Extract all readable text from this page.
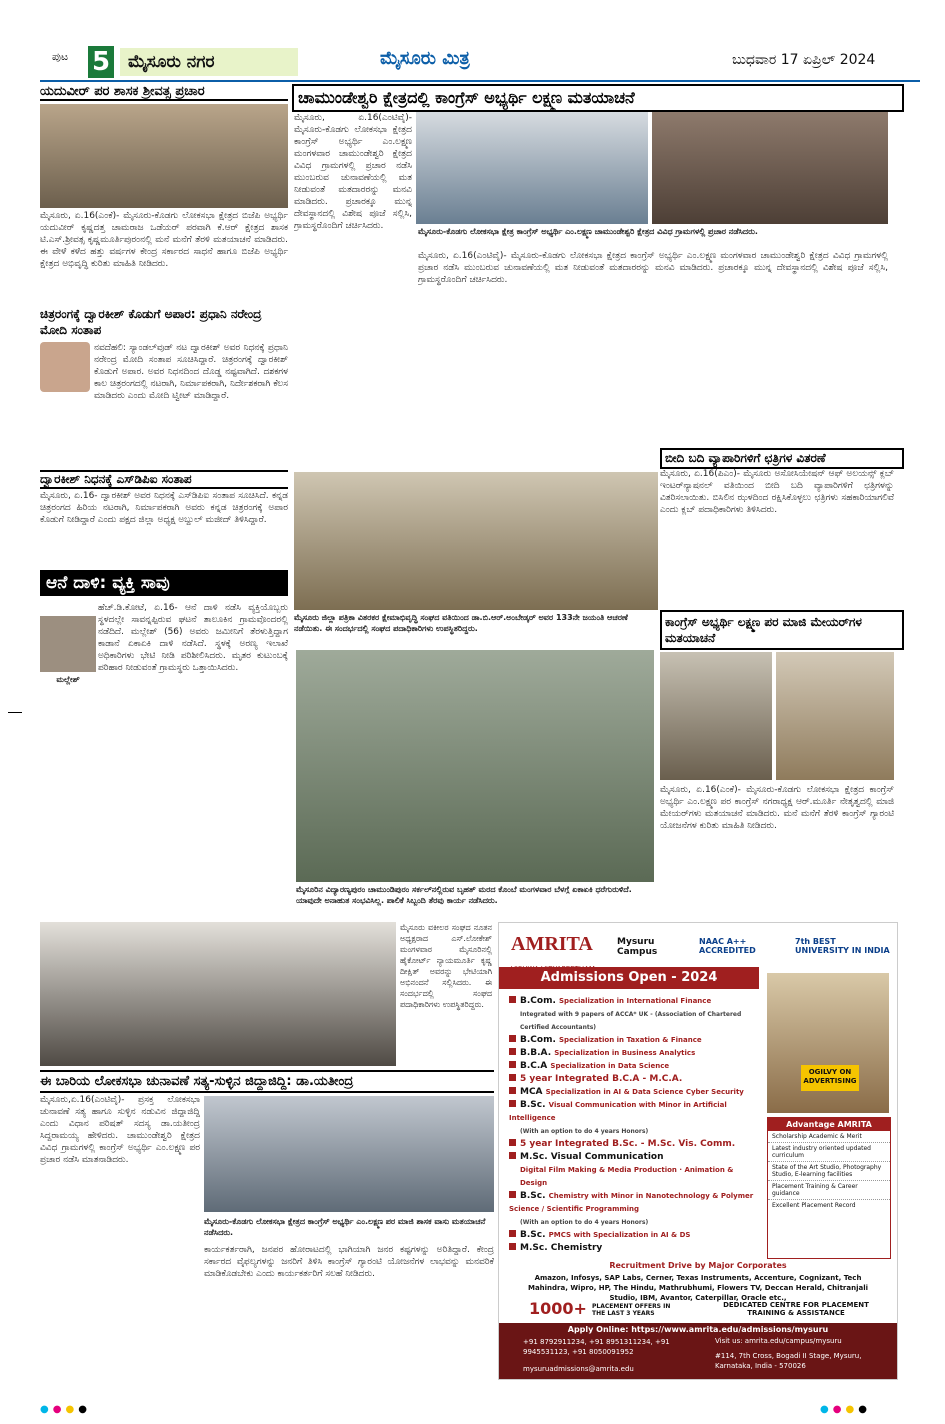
ಪುಟ 5	ಮೈಸೂರು ನಗರ	ಮೈಸೂರು ಮಿತ್ರ	ಬುಧವಾರ 17 ಏಪ್ರಿಲ್ 2024
ಯದುವೀರ್ ಪರ ಶಾಸಕ ಶ್ರೀವತ್ಸ ಪ್ರಚಾರ
ಮೈಸೂರು, ಏ.16(ಎಂಕೆ)- ಮೈಸೂರು-ಕೊಡಗು ಲೋಕಸಭಾ ಕ್ಷೇತ್ರದ ಬಿಜೆಪಿ ಅಭ್ಯರ್ಥಿ ಯದುವೀರ್ ಕೃಷ್ಣದತ್ತ ಚಾಮರಾಜ ಒಡೆಯರ್ ಪರವಾಗಿ ಕೆ.ಆರ್ ಕ್ಷೇತ್ರದ ಶಾಸಕ ಟಿ.ಎಸ್.ಶ್ರೀವತ್ಸ ಕೃಷ್ಣಮೂರ್ತಿಪುರಂನಲ್ಲಿ ಮನೆ ಮನೆಗೆ ತೆರಳಿ ಮತಯಾಚನೆ ಮಾಡಿದರು. ಈ ವೇಳೆ ಕಳೆದ ಹತ್ತು ವರ್ಷಗಳ ಕೇಂದ್ರ ಸರ್ಕಾರದ ಸಾಧನೆ ಹಾಗೂ ಬಿಜೆಪಿ ಅಭ್ಯರ್ಥಿ ಕ್ಷೇತ್ರದ ಅಭಿವೃದ್ಧಿ ಕುರಿತು ಮಾಹಿತಿ ನೀಡಿದರು.
ಚಾಮುಂಡೇಶ್ವರಿ ಕ್ಷೇತ್ರದಲ್ಲಿ ಕಾಂಗ್ರೆಸ್ ಅಭ್ಯರ್ಥಿ ಲಕ್ಷ್ಮಣ ಮತಯಾಚನೆ
ಮೈಸೂರು, ಏ.16(ಎಂಟಿವೈ)- ಮೈಸೂರು-ಕೊಡಗು ಲೋಕಸಭಾ ಕ್ಷೇತ್ರದ ಕಾಂಗ್ರೆಸ್ ಅಭ್ಯರ್ಥಿ ಎಂ.ಲಕ್ಷ್ಮಣ ಮಂಗಳವಾರ ಚಾಮುಂಡೇಶ್ವರಿ ಕ್ಷೇತ್ರದ ವಿವಿಧ ಗ್ರಾಮಗಳಲ್ಲಿ ಪ್ರಚಾರ ನಡೆಸಿ ಮುಂಬರುವ ಚುನಾವಣೆಯಲ್ಲಿ ಮತ ನೀಡುವಂತೆ ಮತದಾರರನ್ನು ಮನವಿ ಮಾಡಿದರು. ಪ್ರಚಾರಕ್ಕೂ ಮುನ್ನ ದೇವಸ್ಥಾನದಲ್ಲಿ ವಿಶೇಷ ಪೂಜೆ ಸಲ್ಲಿಸಿ, ಗ್ರಾಮಸ್ಥರೊಂದಿಗೆ ಚರ್ಚಿಸಿದರು.
ಮೈಸೂರು-ಕೊಡಗು ಲೋಕಸಭಾ ಕ್ಷೇತ್ರ ಕಾಂಗ್ರೆಸ್ ಅಭ್ಯರ್ಥಿ ಎಂ.ಲಕ್ಷ್ಮಣ ಚಾಮುಂಡೇಶ್ವರಿ ಕ್ಷೇತ್ರದ ವಿವಿಧ ಗ್ರಾಮಗಳಲ್ಲಿ ಪ್ರಚಾರ ನಡೆಸಿದರು.
ಮೈಸೂರು, ಏ.16(ಎಂಟಿವೈ)- ಮೈಸೂರು-ಕೊಡಗು ಲೋಕಸಭಾ ಕ್ಷೇತ್ರದ ಕಾಂಗ್ರೆಸ್ ಅಭ್ಯರ್ಥಿ ಎಂ.ಲಕ್ಷ್ಮಣ ಮಂಗಳವಾರ ಚಾಮುಂಡೇಶ್ವರಿ ಕ್ಷೇತ್ರದ ವಿವಿಧ ಗ್ರಾಮಗಳಲ್ಲಿ ಪ್ರಚಾರ ನಡೆಸಿ ಮುಂಬರುವ ಚುನಾವಣೆಯಲ್ಲಿ ಮತ ನೀಡುವಂತೆ ಮತದಾರರನ್ನು ಮನವಿ ಮಾಡಿದರು. ಪ್ರಚಾರಕ್ಕೂ ಮುನ್ನ ದೇವಸ್ಥಾನದಲ್ಲಿ ವಿಶೇಷ ಪೂಜೆ ಸಲ್ಲಿಸಿ, ಗ್ರಾಮಸ್ಥರೊಂದಿಗೆ ಚರ್ಚಿಸಿದರು.
ಚಿತ್ರರಂಗಕ್ಕೆ ದ್ವಾರಕೀಶ್ ಕೊಡುಗೆ ಅಪಾರ: ಪ್ರಧಾನಿ ನರೇಂದ್ರ ಮೋದಿ ಸಂತಾಪ
ನವದೆಹಲಿ: ಸ್ಯಾಂಡಲ್‌ವುಡ್ ನಟ ದ್ವಾರಕೀಶ್ ಅವರ ನಿಧನಕ್ಕೆ ಪ್ರಧಾನಿ ನರೇಂದ್ರ ಮೋದಿ ಸಂತಾಪ ಸೂಚಿಸಿದ್ದಾರೆ. ಚಿತ್ರರಂಗಕ್ಕೆ ದ್ವಾರಕೀಶ್ ಕೊಡುಗೆ ಅಪಾರ. ಅವರ ನಿಧನದಿಂದ ದೊಡ್ಡ ನಷ್ಟವಾಗಿದೆ. ದಶಕಗಳ ಕಾಲ ಚಿತ್ರರಂಗದಲ್ಲಿ ನಟರಾಗಿ, ನಿರ್ಮಾಪಕರಾಗಿ, ನಿರ್ದೇಶಕರಾಗಿ ಕೆಲಸ ಮಾಡಿದರು ಎಂದು ಮೋದಿ ಟ್ವೀಟ್ ಮಾಡಿದ್ದಾರೆ.
ದ್ವಾರಕೀಶ್ ನಿಧನಕ್ಕೆ ಎಸ್‌ಡಿಪಿಐ ಸಂತಾಪ
ಮೈಸೂರು, ಏ.16- ದ್ವಾರಕೀಶ್ ಅವರ ನಿಧನಕ್ಕೆ ಎಸ್‌ಡಿಪಿಐ ಸಂತಾಪ ಸೂಚಿಸಿದೆ. ಕನ್ನಡ ಚಿತ್ರರಂಗದ ಹಿರಿಯ ನಟರಾಗಿ, ನಿರ್ಮಾಪಕರಾಗಿ ಅವರು ಕನ್ನಡ ಚಿತ್ರರಂಗಕ್ಕೆ ಅಪಾರ ಕೊಡುಗೆ ನೀಡಿದ್ದಾರೆ ಎಂದು ಪಕ್ಷದ ಜಿಲ್ಲಾ ಅಧ್ಯಕ್ಷ ಅಬ್ದುಲ್ ಮಜೀದ್ ತಿಳಿಸಿದ್ದಾರೆ.
ಆನೆ ದಾಳಿ: ವ್ಯಕ್ತಿ ಸಾವು
ಮಲ್ಲೇಶ್
ಹೆಚ್.ಡಿ.ಕೋಟೆ, ಏ.16- ಆನೆ ದಾಳಿ ನಡೆಸಿ ವ್ಯಕ್ತಿಯೊಬ್ಬರು ಸ್ಥಳದಲ್ಲೇ ಸಾವನ್ನಪ್ಪಿರುವ ಘಟನೆ ತಾಲೂಕಿನ ಗ್ರಾಮವೊಂದರಲ್ಲಿ ನಡೆದಿದೆ. ಮಲ್ಲೇಶ್ (56) ಅವರು ಜಮೀನಿಗೆ ತೆರಳುತ್ತಿದ್ದಾಗ ಕಾಡಾನೆ ಏಕಾಏಕಿ ದಾಳಿ ನಡೆಸಿದೆ. ಸ್ಥಳಕ್ಕೆ ಅರಣ್ಯ ಇಲಾಖೆ ಅಧಿಕಾರಿಗಳು ಭೇಟಿ ನೀಡಿ ಪರಿಶೀಲಿಸಿದರು. ಮೃತರ ಕುಟುಂಬಕ್ಕೆ ಪರಿಹಾರ ನೀಡುವಂತೆ ಗ್ರಾಮಸ್ಥರು ಒತ್ತಾಯಿಸಿದರು.
ಮೈಸೂರು ಜಿಲ್ಲಾ ಪತ್ರಿಕಾ ವಿತರಕರ ಕ್ಷೇಮಾಭಿವೃದ್ಧಿ ಸಂಘದ ವತಿಯಿಂದ ಡಾ.ಬಿ.ಆರ್.ಅಂಬೇಡ್ಕರ್ ಅವರ 133ನೇ ಜಯಂತಿ ಆಚರಣೆ ನಡೆಯಿತು. ಈ ಸಂದರ್ಭದಲ್ಲಿ ಸಂಘದ ಪದಾಧಿಕಾರಿಗಳು ಉಪಸ್ಥಿತರಿದ್ದರು.
ಬೀದಿ ಬದಿ ವ್ಯಾಪಾರಿಗಳಿಗೆ ಛತ್ರಿಗಳ ವಿತರಣೆ
ಮೈಸೂರು, ಏ.16(ಪಿಎಂ)- ಮೈಸೂರು ಅಸೋಸಿಯೇಷನ್ ಆಫ್ ಅಲಯನ್ಸ್ ಕ್ಲಬ್ ಇಂಟರ್‌ನ್ಯಾಷನಲ್ ವತಿಯಿಂದ ಬೀದಿ ಬದಿ ವ್ಯಾಪಾರಿಗಳಿಗೆ ಛತ್ರಿಗಳನ್ನು ವಿತರಿಸಲಾಯಿತು. ಬಿಸಿಲಿನ ಝಳದಿಂದ ರಕ್ಷಿಸಿಕೊಳ್ಳಲು ಛತ್ರಿಗಳು ಸಹಕಾರಿಯಾಗಲಿವೆ ಎಂದು ಕ್ಲಬ್ ಪದಾಧಿಕಾರಿಗಳು ತಿಳಿಸಿದರು.
ಕಾಂಗ್ರೆಸ್ ಅಭ್ಯರ್ಥಿ ಲಕ್ಷ್ಮಣ ಪರ ಮಾಜಿ ಮೇಯರ್‌ಗಳ ಮತಯಾಚನೆ
ಮೈಸೂರು, ಏ.16(ಎಂಕೆ)- ಮೈಸೂರು-ಕೊಡಗು ಲೋಕಸಭಾ ಕ್ಷೇತ್ರದ ಕಾಂಗ್ರೆಸ್ ಅಭ್ಯರ್ಥಿ ಎಂ.ಲಕ್ಷ್ಮಣ ಪರ ಕಾಂಗ್ರೆಸ್ ನಗರಾಧ್ಯಕ್ಷ ಆರ್.ಮೂರ್ತಿ ನೇತೃತ್ವದಲ್ಲಿ ಮಾಜಿ ಮೇಯರ್‌ಗಳು ಮತಯಾಚನೆ ಮಾಡಿದರು. ಮನೆ ಮನೆಗೆ ತೆರಳಿ ಕಾಂಗ್ರೆಸ್ ಗ್ಯಾರಂಟಿ ಯೋಜನೆಗಳ ಕುರಿತು ಮಾಹಿತಿ ನೀಡಿದರು.
ಮೈಸೂರಿನ ವಿದ್ಯಾರಣ್ಯಪುರಂ ಚಾಮುಂಡಿಪುರಂ ಸರ್ಕಲ್‌ನಲ್ಲಿರುವ ಬೃಹತ್ ಮರದ ಕೊಂಬೆ ಮಂಗಳವಾರ ಬೆಳಗ್ಗೆ ಏಕಾಏಕಿ ಧರೆಗುರುಳಿದೆ. ಯಾವುದೇ ಅನಾಹುತ ಸಂಭವಿಸಿಲ್ಲ. ಪಾಲಿಕೆ ಸಿಬ್ಬಂದಿ ತೆರವು ಕಾರ್ಯ ನಡೆಸಿದರು.
ಮೈಸೂರು ವಕೀಲರ ಸಂಘದ ನೂತನ ಅಧ್ಯಕ್ಷರಾದ ಎಸ್.ಲೋಕೇಶ್ ಮಂಗಳವಾರ ಮೈಸೂರಿನಲ್ಲಿ ಹೈಕೋರ್ಟ್ ನ್ಯಾಯಮೂರ್ತಿ ಕೃಷ್ಣ ದೀಕ್ಷಿತ್ ಅವರನ್ನು ಭೇಟಿಯಾಗಿ ಅಭಿನಂದನೆ ಸಲ್ಲಿಸಿದರು. ಈ ಸಂದರ್ಭದಲ್ಲಿ ಸಂಘದ ಪದಾಧಿಕಾರಿಗಳು ಉಪಸ್ಥಿತರಿದ್ದರು.
ಈ ಬಾರಿಯ ಲೋಕಸಭಾ ಚುನಾವಣೆ ಸತ್ಯ-ಸುಳ್ಳಿನ ಜಿದ್ದಾಜಿದ್ದಿ: ಡಾ.ಯತೀಂದ್ರ
ಮೈಸೂರು,ಏ.16(ಎಂಟಿವೈ)- ಪ್ರಸಕ್ತ ಲೋಕಸಭಾ ಚುನಾವಣೆ ಸತ್ಯ ಹಾಗೂ ಸುಳ್ಳಿನ ನಡುವಿನ ಜಿದ್ದಾಜಿದ್ದಿ ಎಂದು ವಿಧಾನ ಪರಿಷತ್ ಸದಸ್ಯ ಡಾ.ಯತೀಂದ್ರ ಸಿದ್ದರಾಮಯ್ಯ ಹೇಳಿದರು. ಚಾಮುಂಡೇಶ್ವರಿ ಕ್ಷೇತ್ರದ ವಿವಿಧ ಗ್ರಾಮಗಳಲ್ಲಿ ಕಾಂಗ್ರೆಸ್ ಅಭ್ಯರ್ಥಿ ಎಂ.ಲಕ್ಷ್ಮಣ ಪರ ಪ್ರಚಾರ ನಡೆಸಿ ಮಾತನಾಡಿದರು.
ಮೈಸೂರು-ಕೊಡಗು ಲೋಕಸಭಾ ಕ್ಷೇತ್ರದ ಕಾಂಗ್ರೆಸ್ ಅಭ್ಯರ್ಥಿ ಎಂ.ಲಕ್ಷ್ಮಣ ಪರ ಮಾಜಿ ಶಾಸಕ ವಾಸು ಮತಯಾಚನೆ ನಡೆಸಿದರು.
ಕಾರ್ಯಕರ್ತರಾಗಿ, ಜನಪರ ಹೋರಾಟದಲ್ಲಿ ಭಾಗಿಯಾಗಿ ಜನರ ಕಷ್ಟಗಳನ್ನು ಅರಿತಿದ್ದಾರೆ. ಕೇಂದ್ರ ಸರ್ಕಾರದ ವೈಫಲ್ಯಗಳನ್ನು ಜನರಿಗೆ ತಿಳಿಸಿ ಕಾಂಗ್ರೆಸ್ ಗ್ಯಾರಂಟಿ ಯೋಜನೆಗಳ ಲಾಭವನ್ನು ಮನವರಿಕೆ ಮಾಡಿಕೊಡಬೇಕು ಎಂದು ಕಾರ್ಯಕರ್ತರಿಗೆ ಸಲಹೆ ನೀಡಿದರು.
AMRITA	Mysuru Campus
NAAC A++ ACCREDITED
7th BEST UNIVERSITY IN INDIA
Admissions Open - 2024
B.Com. Specialization in International Finance
Integrated with 9 papers of ACCA* UK - (Association of Chartered Certified Accountants)
B.Com. Specialization in Taxation & Finance
B.B.A. Specialization in Business Analytics
B.C.A Specialization in Data Science
5 year Integrated B.C.A - M.C.A.
MCA Specialization in AI & Data Science Cyber Security
B.Sc. Visual Communication with Minor in Artificial Intelligence
(With an option to do 4 years Honors)
5 year Integrated B.Sc. - M.Sc. Vis. Comm.
M.Sc. Visual Communication
Digital Film Making & Media Production · Animation & Design
B.Sc. Chemistry with Minor in Nanotechnology & Polymer Science / Scientific Programming
(With an option to do 4 years Honors)
B.Sc. PMCS with Specialization in AI & DS
M.Sc. Chemistry
OGILVY ON ADVERTISING
Advantage AMRITA
Scholarship Academic & Merit
Latest industry oriented updated curriculum
State of the Art Studio, Photography Studio, E-learning facilities
Placement Training & Career guidance
Excellent Placement Record
Recruitment Drive by Major Corporates
Amazon, Infosys, SAP Labs, Cerner, Texas Instruments, Accenture, Cognizant, Tech Mahindra, Wipro, HP, The Hindu, Mathrubhumi, Flowers TV, Deccan Herald, Chitranjali Studio, IBM, Avantor, Caterpillar, Oracle etc.,
1000+ PLACEMENT OFFERS IN THE LAST 3 YEARS
DEDICATED CENTRE FOR PLACEMENT TRAINING & ASSISTANCE
Apply Online: https://www.amrita.edu/admissions/mysuru
+91 8792911234, +91 8951311234, +91 9945531123, +91 8050091952
mysuruadmissions@amrita.edu
Visit us: amrita.edu/campus/mysuru
#114, 7th Cross, Bogadi II Stage, Mysuru, Karnataka, India - 570026
●●●●	●●●●
